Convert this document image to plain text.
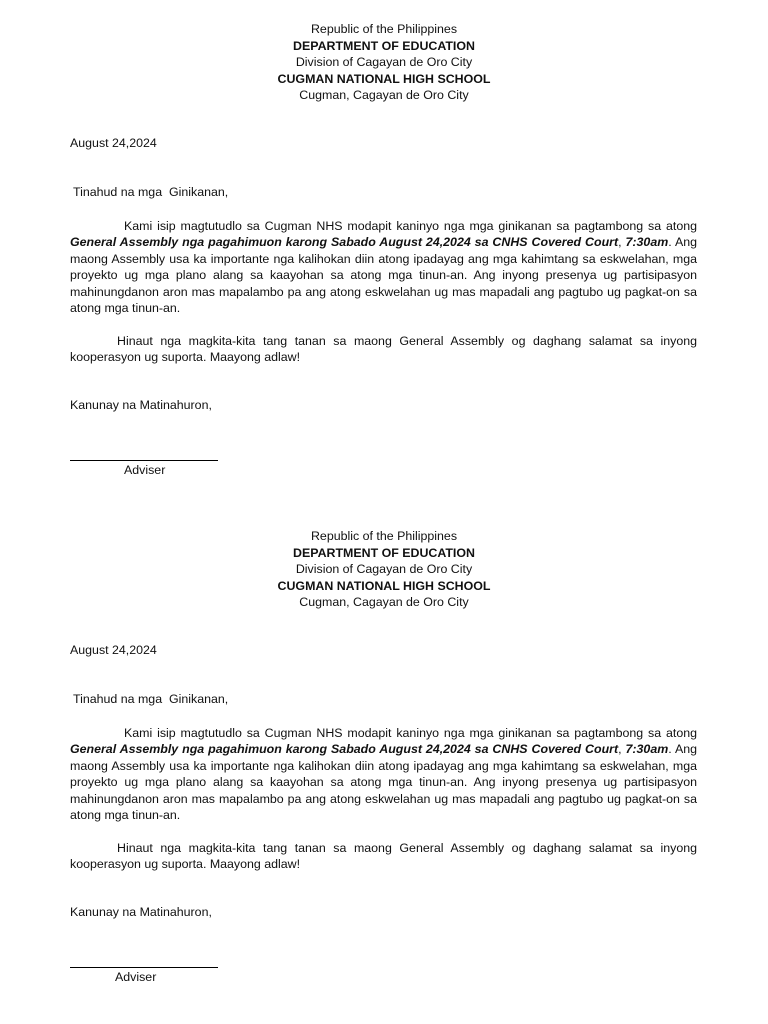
Republic of the Philippines
DEPARTMENT OF EDUCATION
Division of Cagayan de Oro City
CUGMAN NATIONAL HIGH SCHOOL
Cugman, Cagayan de Oro City
August 24,2024
Tinahud na mga  Ginikanan,
Kami isip magtutudlo sa Cugman NHS modapit kaninyo nga mga ginikanan sa pagtambong sa atong General Assembly nga pagahimuon karong Sabado August 24,2024 sa CNHS Covered Court, 7:30am. Ang maong Assembly usa ka importante nga kalihokan diin atong ipadayag ang mga kahimtang sa eskwelahan, mga proyekto ug mga plano alang sa kaayohan sa atong mga tinun-an. Ang inyong presenya ug partisipasyon mahinungdanon aron mas mapalambo pa ang atong eskwelahan ug mas mapadali ang pagtubo ug pagkat-on sa atong mga tinun-an.
Hinaut nga magkita-kita tang tanan sa maong General Assembly og daghang salamat sa inyong kooperasyon ug suporta. Maayong adlaw!
Kanunay na Matinahuron,
Adviser
Republic of the Philippines
DEPARTMENT OF EDUCATION
Division of Cagayan de Oro City
CUGMAN NATIONAL HIGH SCHOOL
Cugman, Cagayan de Oro City
August 24,2024
Tinahud na mga  Ginikanan,
Kami isip magtutudlo sa Cugman NHS modapit kaninyo nga mga ginikanan sa pagtambong sa atong General Assembly nga pagahimuon karong Sabado August 24,2024 sa CNHS Covered Court, 7:30am. Ang maong Assembly usa ka importante nga kalihokan diin atong ipadayag ang mga kahimtang sa eskwelahan, mga proyekto ug mga plano alang sa kaayohan sa atong mga tinun-an. Ang inyong presenya ug partisipasyon mahinungdanon aron mas mapalambo pa ang atong eskwelahan ug mas mapadali ang pagtubo ug pagkat-on sa atong mga tinun-an.
Hinaut nga magkita-kita tang tanan sa maong General Assembly og daghang salamat sa inyong kooperasyon ug suporta. Maayong adlaw!
Kanunay na Matinahuron,
Adviser
